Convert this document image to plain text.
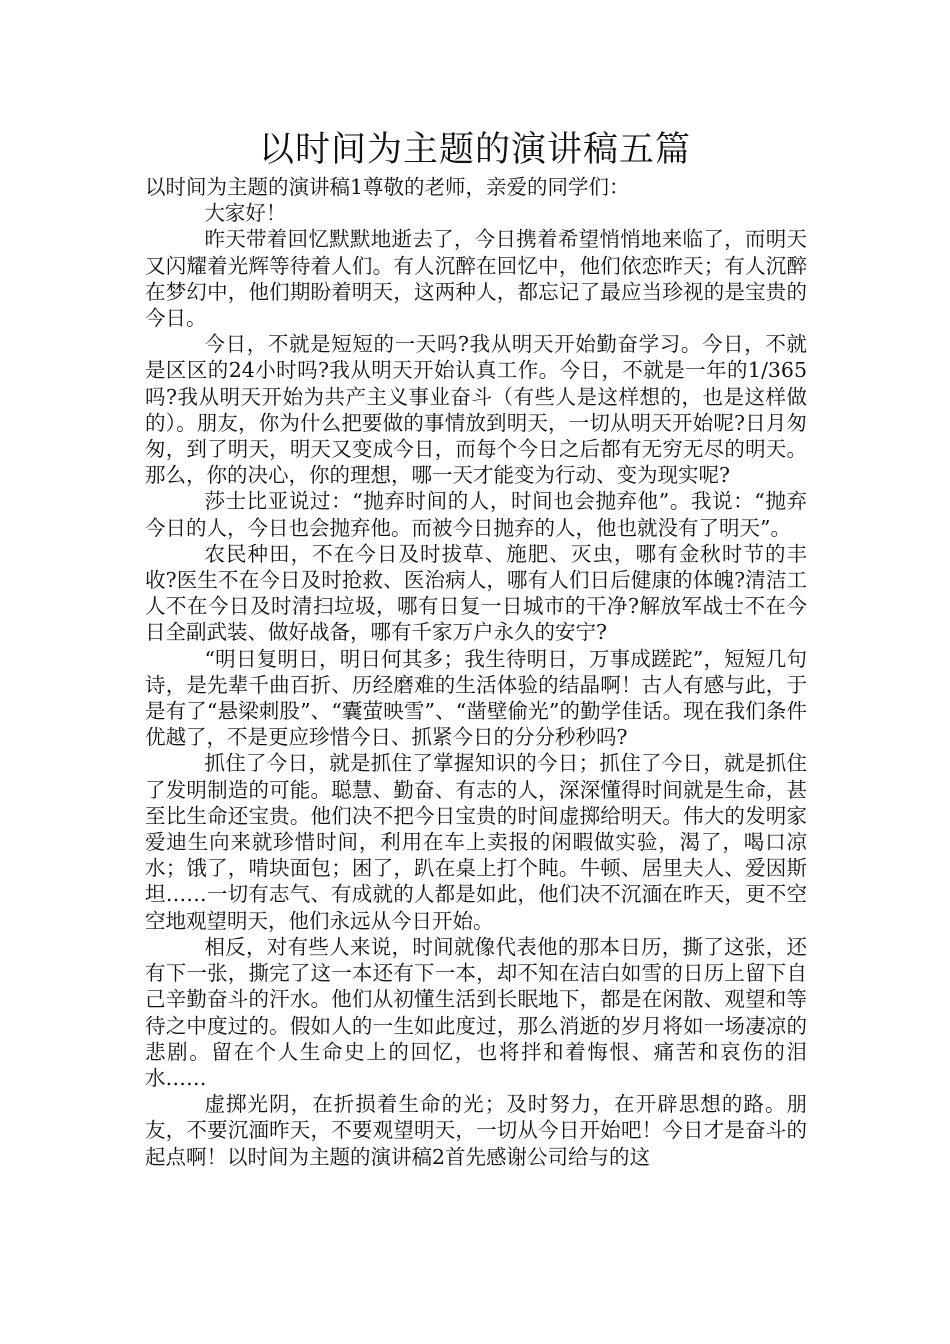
以时间为主题的演讲稿五篇

以时间为主题的演讲稿1尊敬的老师，亲爱的同学们：

大家好！

昨天带着回忆默默地逝去了，今日携着希望悄悄地来临了，而明天又闪耀着光辉等待着人们。有人沉醉在回忆中，他们依恋昨天；有人沉醉在梦幻中，他们期盼着明天，这两种人，都忘记了最应当珍视的是宝贵的今日。

今日，不就是短短的一天吗?我从明天开始勤奋学习。今日，不就是区区的24小时吗?我从明天开始认真工作。今日，不就是一年的1/365吗?我从明天开始为共产主义事业奋斗（有些人是这样想的，也是这样做的）。朋友，你为什么把要做的事情放到明天，一切从明天开始呢?日月匆匆，到了明天，明天又变成今日，而每个今日之后都有无穷无尽的明天。那么，你的决心，你的理想，哪一天才能变为行动、变为现实呢?

莎士比亚说过：“抛弃时间的人，时间也会抛弃他”。我说：“抛弃今日的人，今日也会抛弃他。而被今日抛弃的人，他也就没有了明天”。

农民种田，不在今日及时拔草、施肥、灭虫，哪有金秋时节的丰收?医生不在今日及时抢救、医治病人，哪有人们日后健康的体魄?清洁工人不在今日及时清扫垃圾，哪有日复一日城市的干净?解放军战士不在今日全副武装、做好战备，哪有千家万户永久的安宁?

“明日复明日，明日何其多；我生待明日，万事成蹉跎”，短短几句诗，是先辈千曲百折、历经磨难的生活体验的结晶啊！古人有感与此，于是有了“悬梁刺股”、“囊萤映雪”、“凿壁偷光”的勤学佳话。现在我们条件优越了，不是更应珍惜今日、抓紧今日的分分秒秒吗?

抓住了今日，就是抓住了掌握知识的今日；抓住了今日，就是抓住了发明制造的可能。聪慧、勤奋、有志的人，深深懂得时间就是生命，甚至比生命还宝贵。他们决不把今日宝贵的时间虚掷给明天。伟大的发明家爱迪生向来就珍惜时间，利用在车上卖报的闲暇做实验，渴了，喝口凉水；饿了，啃块面包；困了，趴在桌上打个盹。牛顿、居里夫人、爱因斯坦……一切有志气、有成就的人都是如此，他们决不沉湎在昨天，更不空空地观望明天，他们永远从今日开始。

相反，对有些人来说，时间就像代表他的那本日历，撕了这张，还有下一张，撕完了这一本还有下一本，却不知在洁白如雪的日历上留下自己辛勤奋斗的汗水。他们从初懂生活到长眠地下，都是在闲散、观望和等待之中度过的。假如人的一生如此度过，那么消逝的岁月将如一场凄凉的悲剧。留在个人生命史上的回忆，也将拌和着悔恨、痛苦和哀伤的泪水……

虚掷光阴，在折损着生命的光；及时努力，在开辟思想的路。朋友，不要沉湎昨天，不要观望明天，一切从今日开始吧！今日才是奋斗的起点啊！以时间为主题的演讲稿2首先感谢公司给与的这
